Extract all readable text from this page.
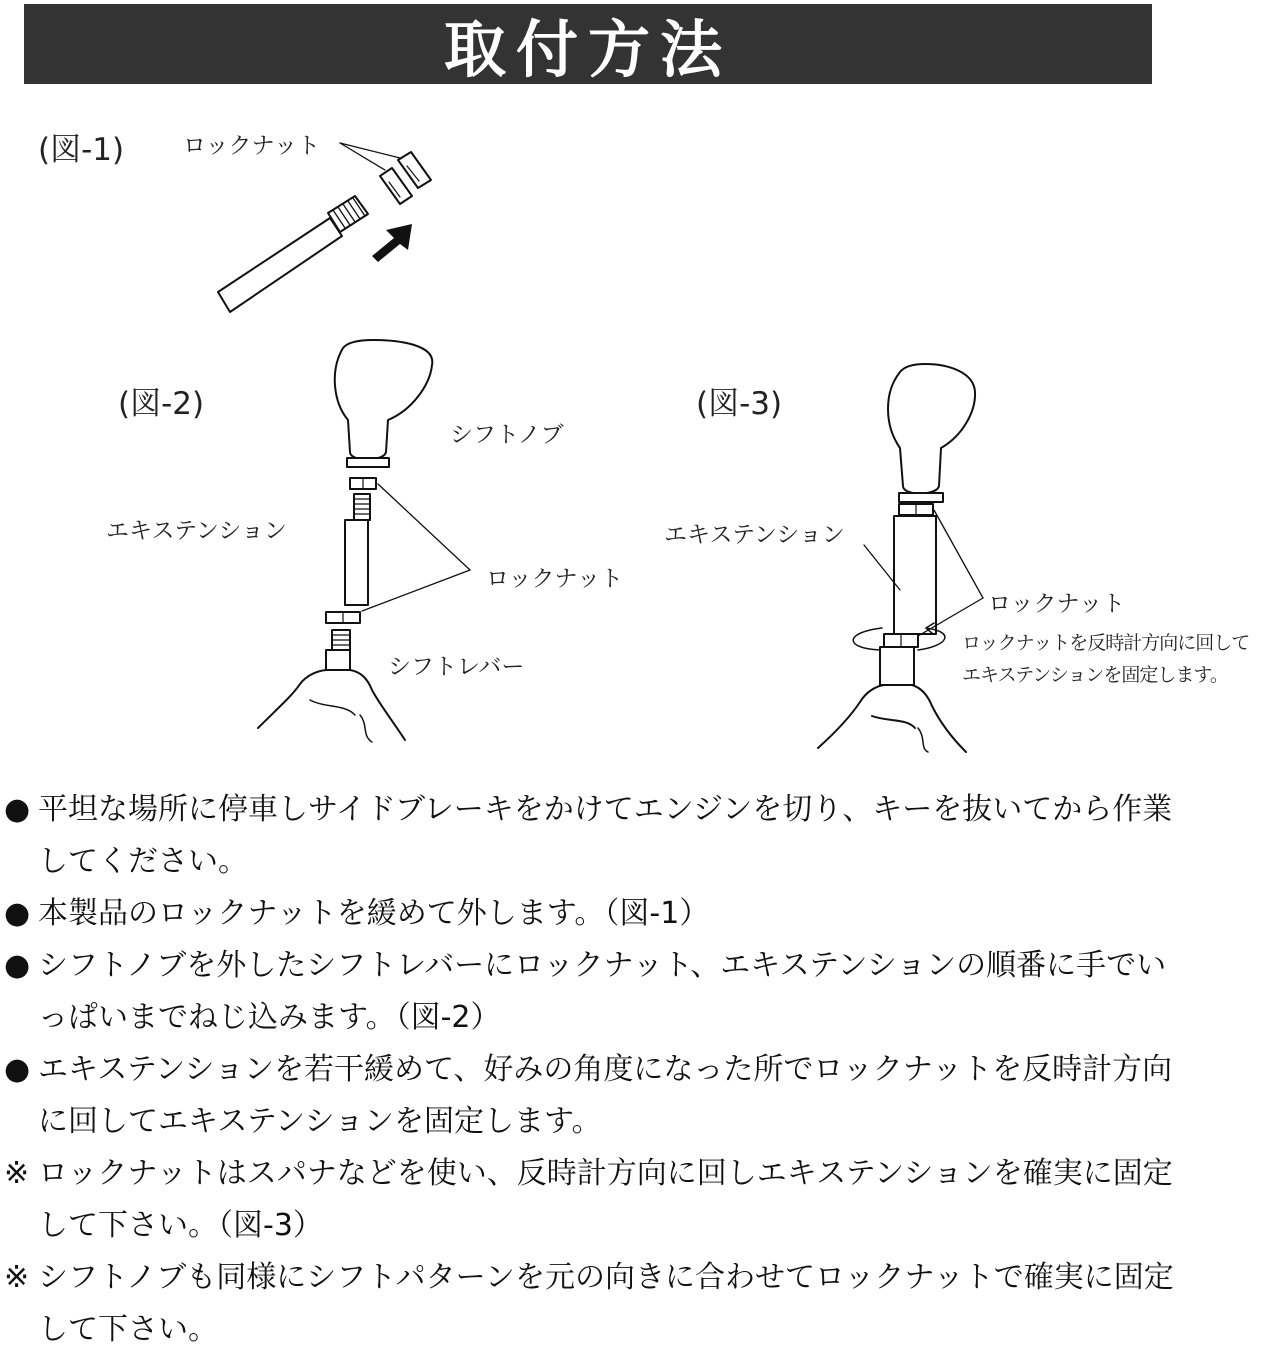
取付方法
(図-1)	ロックナット
(図-2)
シフトノブ
エキステンション
ロックナット
シフトレバー
(図-3)
エキステンション
ロックナット
ロックナットを反時計方向に回して
エキステンションを固定します。
● 平坦な場所に停車しサイドブレーキをかけてエンジンを切り、キーを抜いてから作業してください。
● 本製品のロックナットを緩めて外します。（図-1）
● シフトノブを外したシフトレバーにロックナット、エキステンションの順番に手でいっぱいまでねじ込みます。（図-2）
● エキステンションを若干緩めて、好みの角度になった所でロックナットを反時計方向に回してエキステンションを固定します。
※ ロックナットはスパナなどを使い、反時計方向に回しエキステンションを確実に固定して下さい。（図-3）
※ シフトノブも同様にシフトパターンを元の向きに合わせてロックナットで確実に固定して下さい。
